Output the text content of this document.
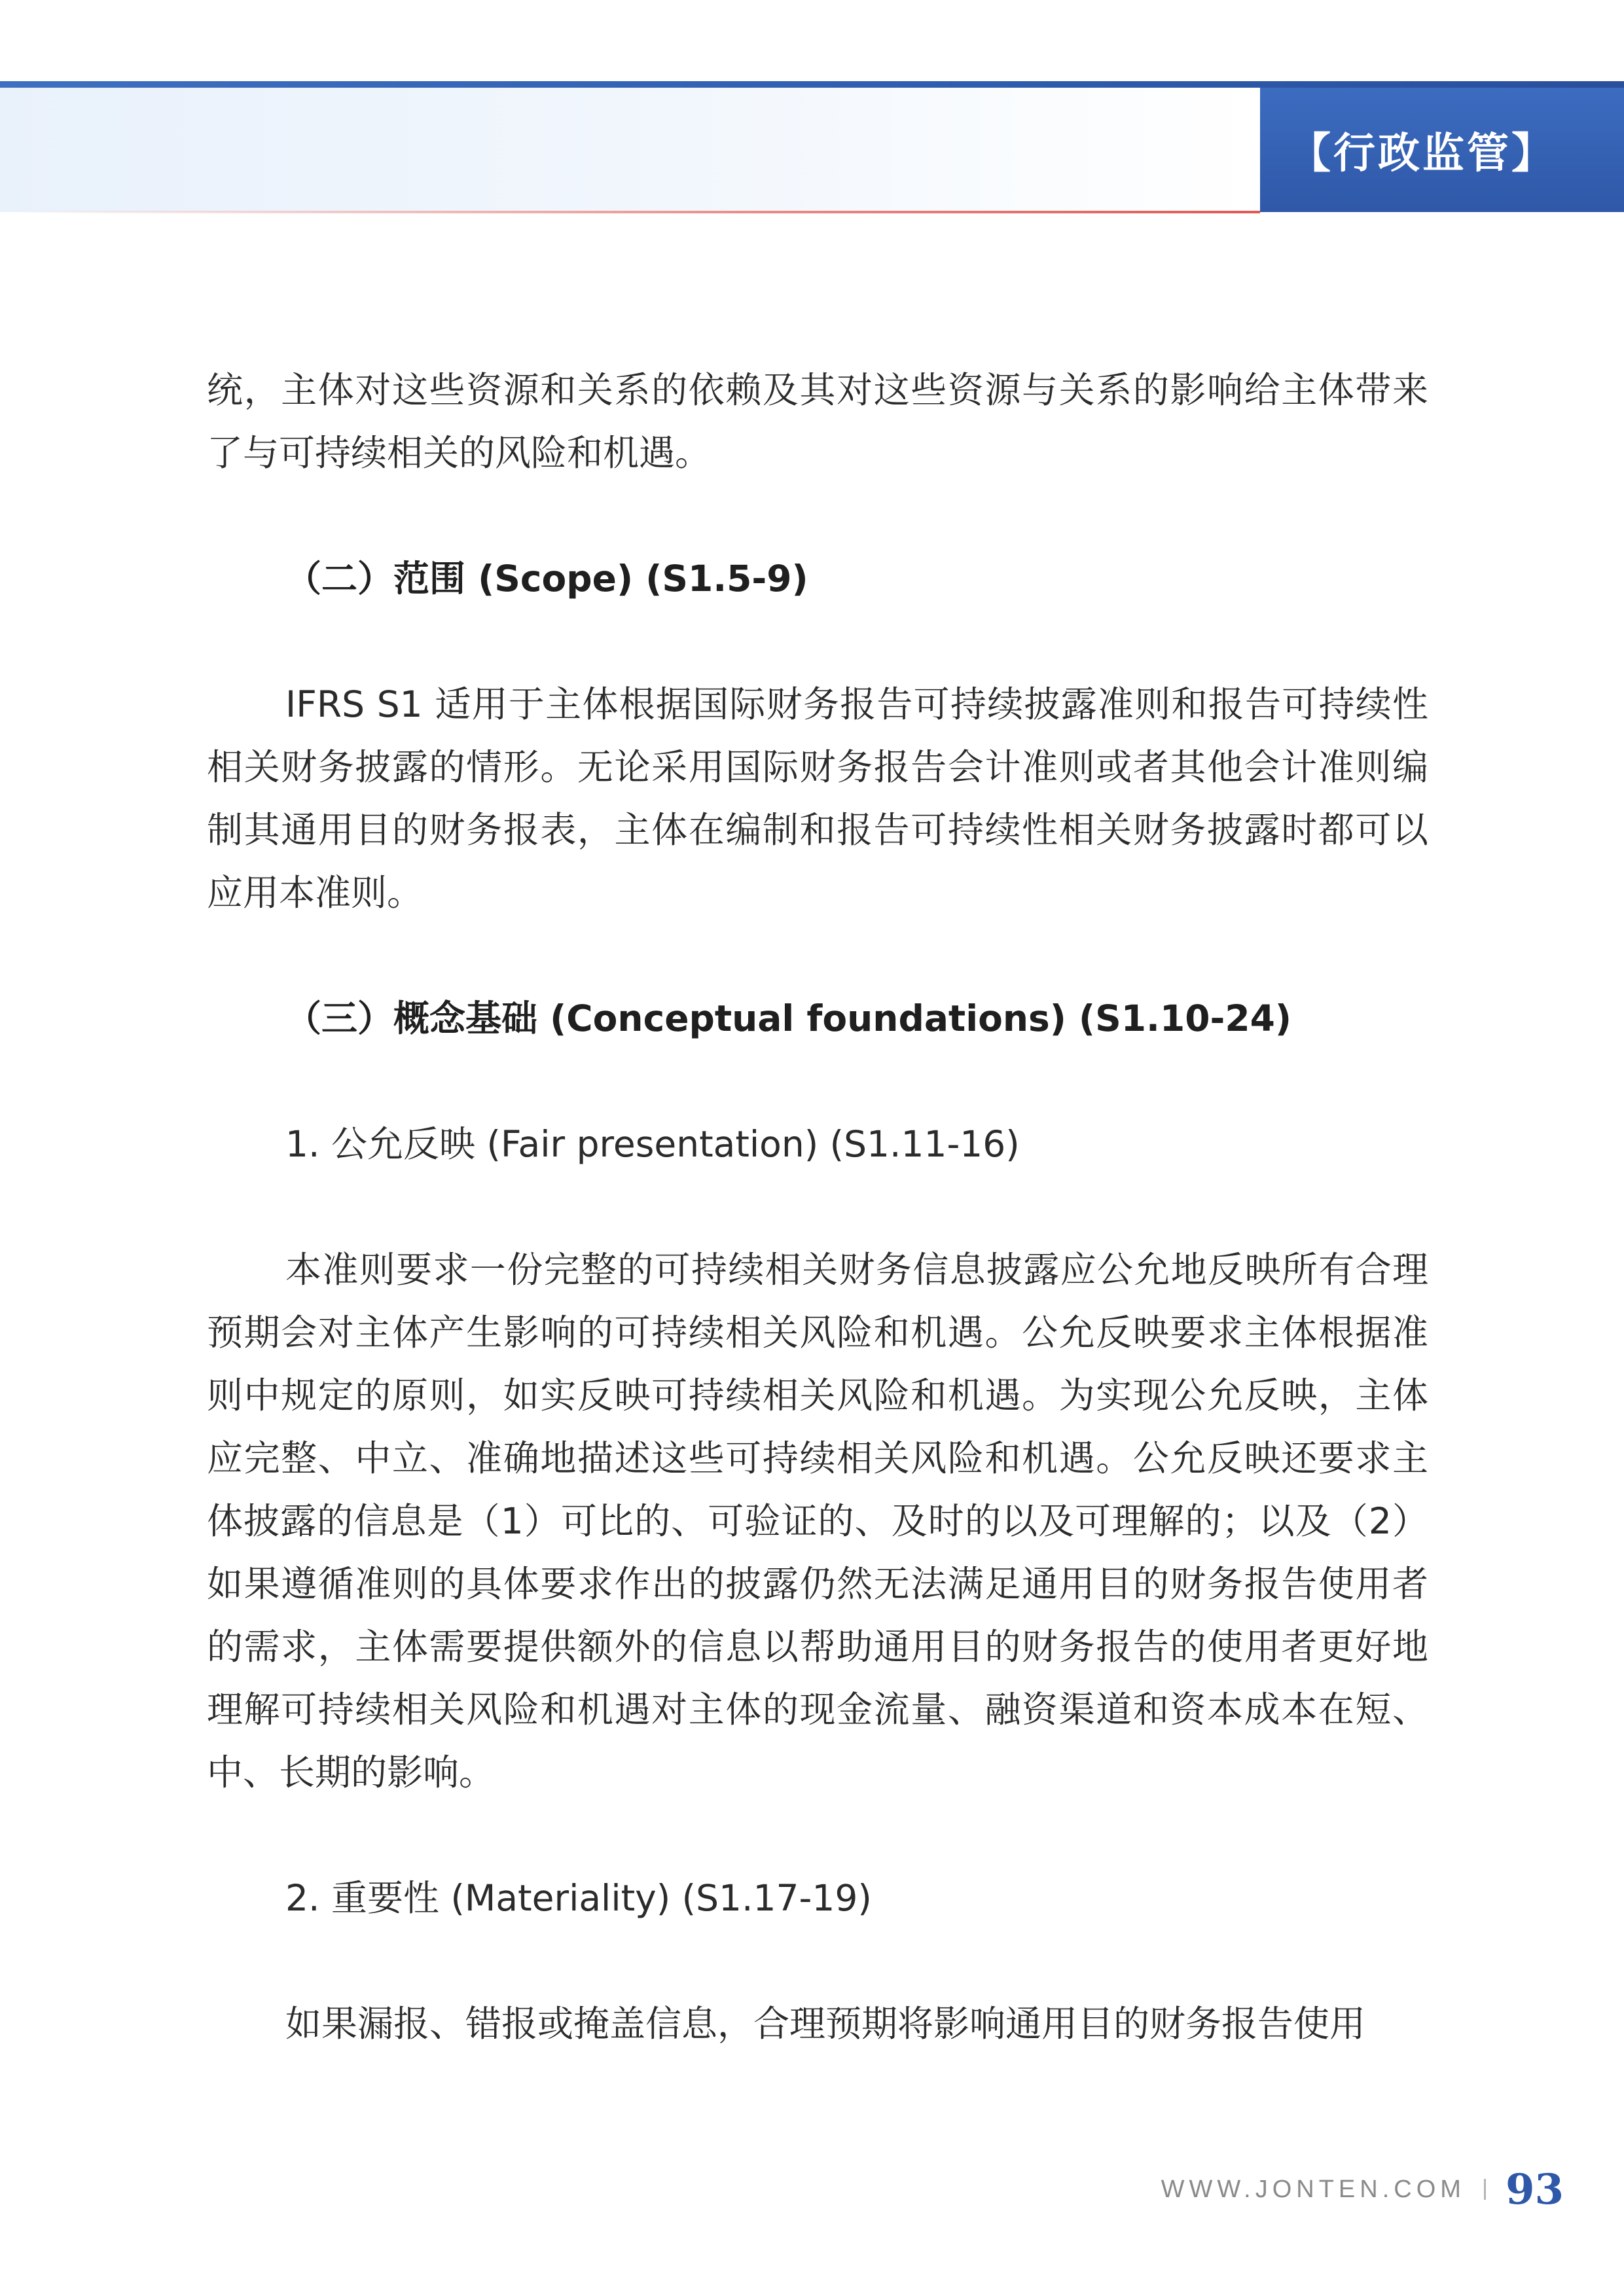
【行政监管】

统，主体对这些资源和关系的依赖及其对这些资源与关系的影响给主体带来了与可持续相关的风险和机遇。

（二）范围 (Scope) (S1.5-9)

IFRS S1 适用于主体根据国际财务报告可持续披露准则和报告可持续性相关财务披露的情形。无论采用国际财务报告会计准则或者其他会计准则编制其通用目的财务报表，主体在编制和报告可持续性相关财务披露时都可以应用本准则。

（三）概念基础 (Conceptual foundations) (S1.10-24)

1. 公允反映 (Fair presentation) (S1.11-16)

本准则要求一份完整的可持续相关财务信息披露应公允地反映所有合理预期会对主体产生影响的可持续相关风险和机遇。公允反映要求主体根据准则中规定的原则，如实反映可持续相关风险和机遇。为实现公允反映，主体应完整、中立、准确地描述这些可持续相关风险和机遇。公允反映还要求主体披露的信息是（1）可比的、可验证的、及时的以及可理解的；以及（2）如果遵循准则的具体要求作出的披露仍然无法满足通用目的财务报告使用者的需求，主体需要提供额外的信息以帮助通用目的财务报告的使用者更好地理解可持续相关风险和机遇对主体的现金流量、融资渠道和资本成本在短、中、长期的影响。

2. 重要性 (Materiality) (S1.17-19)

如果漏报、错报或掩盖信息，合理预期将影响通用目的财务报告使用

WWW.JONTEN.COM 93
